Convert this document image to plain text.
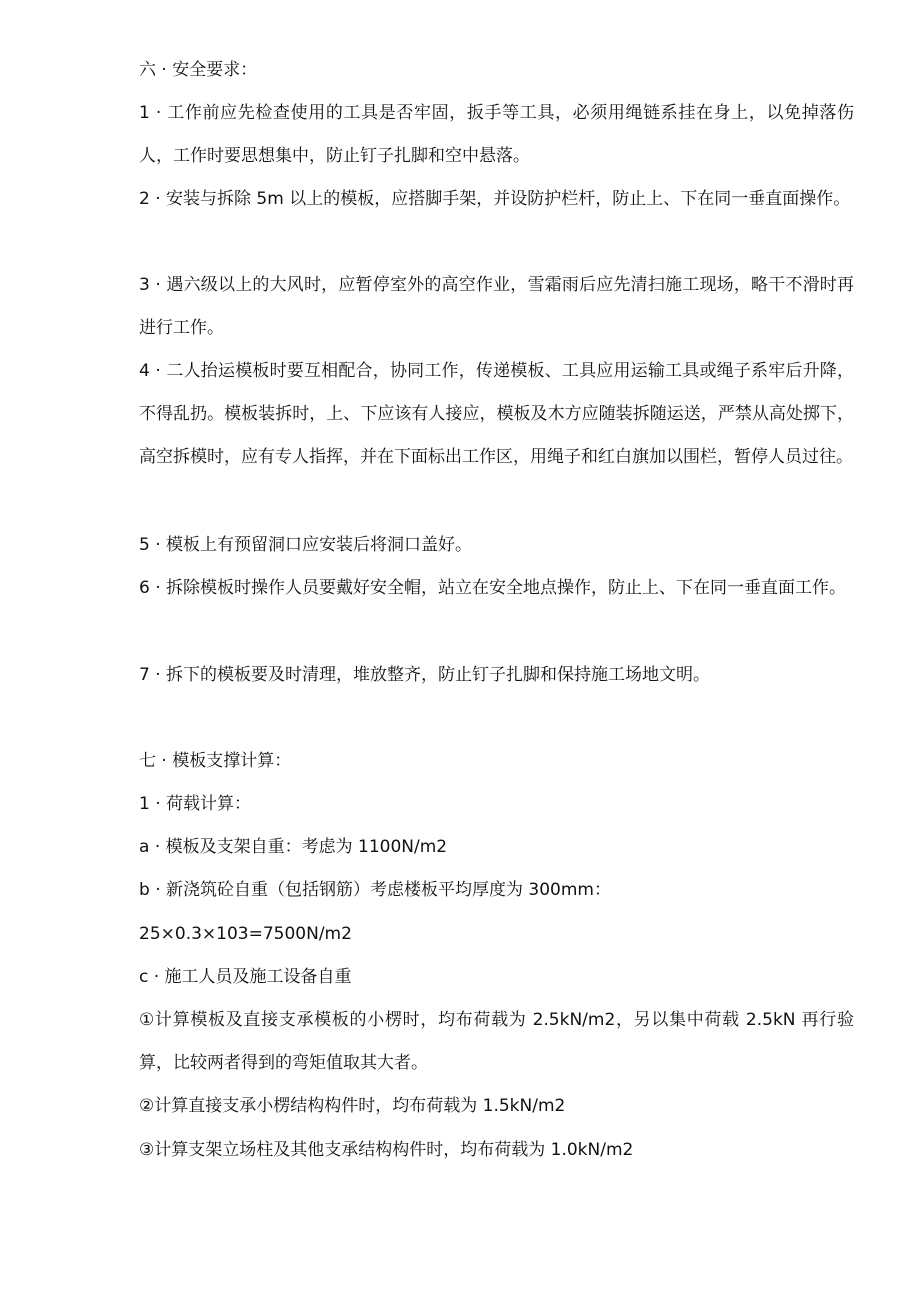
六 · 安全要求：

1 · 工作前应先检查使用的工具是否牢固，扳手等工具，必须用绳链系挂在身上，以免掉落伤人，工作时要思想集中，防止钉子扎脚和空中悬落。

2 · 安装与拆除 5m 以上的模板，应搭脚手架，并设防护栏杆，防止上、下在同一垂直面操作。

3 · 遇六级以上的大风时，应暂停室外的高空作业，雪霜雨后应先清扫施工现场，略干不滑时再进行工作。

4 · 二人抬运模板时要互相配合，协同工作，传递模板、工具应用运输工具或绳子系牢后升降，不得乱扔。模板装拆时，上、下应该有人接应，模板及木方应随装拆随运送，严禁从高处掷下，高空拆模时，应有专人指挥，并在下面标出工作区，用绳子和红白旗加以围栏，暂停人员过往。

5 · 模板上有预留洞口应安装后将洞口盖好。

6 · 拆除模板时操作人员要戴好安全帽，站立在安全地点操作，防止上、下在同一垂直面工作。

7 · 拆下的模板要及时清理，堆放整齐，防止钉子扎脚和保持施工场地文明。

七 · 模板支撑计算：

1 · 荷载计算：

a · 模板及支架自重：考虑为 1100N/m2

b · 新浇筑砼自重（包括钢筋）考虑楼板平均厚度为 300mm：

25×0.3×103=7500N/m2

c · 施工人员及施工设备自重

①计算模板及直接支承模板的小楞时，均布荷载为 2.5kN/m2，另以集中荷载 2.5kN 再行验算，比较两者得到的弯矩值取其大者。

②计算直接支承小楞结构构件时，均布荷载为 1.5kN/m2

③计算支架立场柱及其他支承结构构件时，均布荷载为 1.0kN/m2
